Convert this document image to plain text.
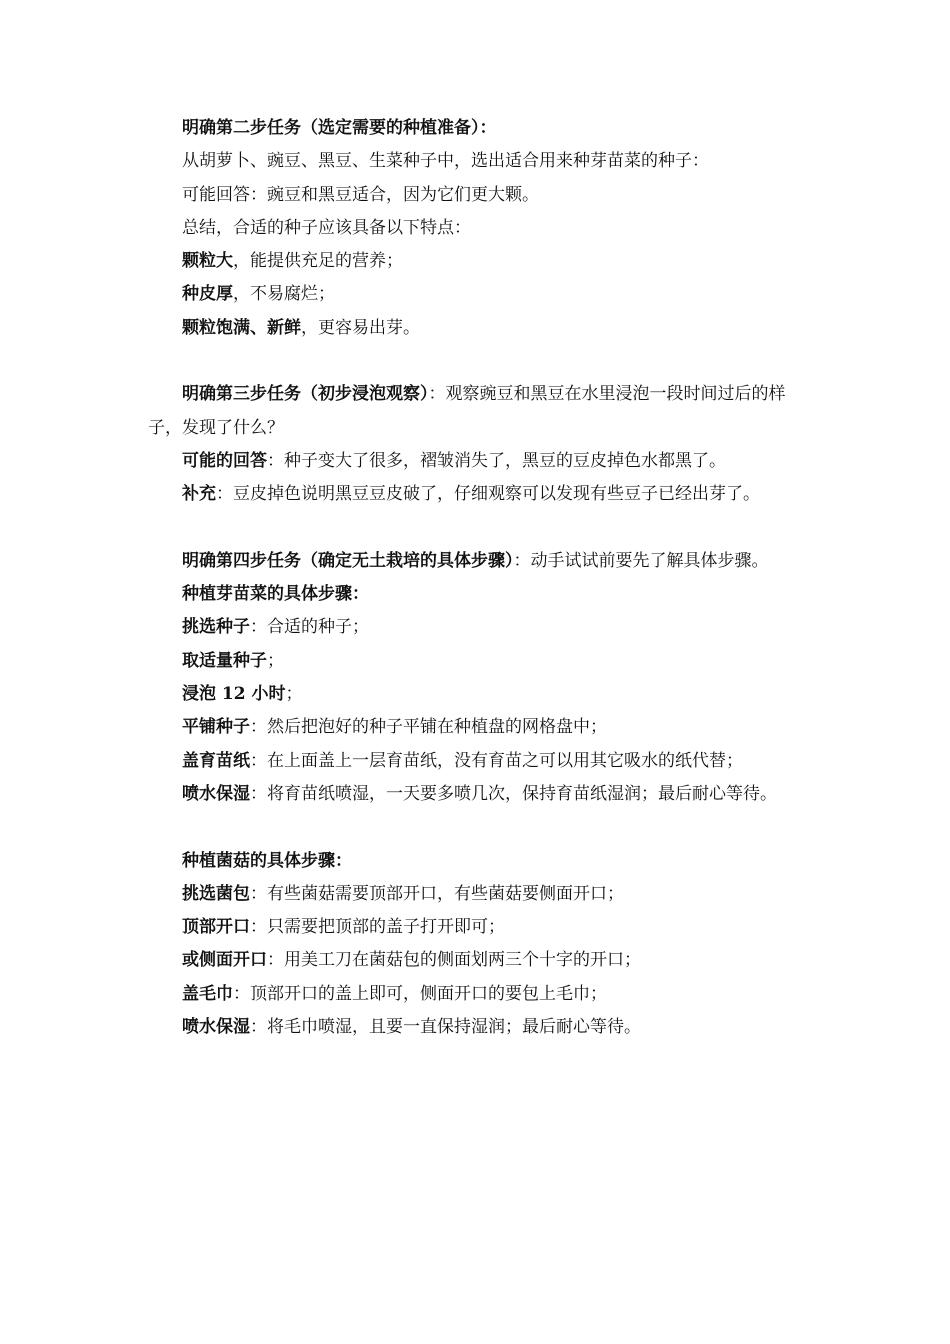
明确第二步任务（选定需要的种植准备）：

从胡萝卜、豌豆、黑豆、生菜种子中，选出适合用来种芽苗菜的种子：

可能回答：豌豆和黑豆适合，因为它们更大颗。

总结，合适的种子应该具备以下特点：

颗粒大，能提供充足的营养；

种皮厚，不易腐烂；

颗粒饱满、新鲜，更容易出芽。

明确第三步任务（初步浸泡观察）：观察豌豆和黑豆在水里浸泡一段时间过后的样子，发现了什么？

可能的回答：种子变大了很多，褶皱消失了，黑豆的豆皮掉色水都黑了。

补充：豆皮掉色说明黑豆豆皮破了，仔细观察可以发现有些豆子已经出芽了。

明确第四步任务（确定无土栽培的具体步骤）：动手试试前要先了解具体步骤。

种植芽苗菜的具体步骤：

挑选种子：合适的种子；

取适量种子；

浸泡 12 小时；

平铺种子：然后把泡好的种子平铺在种植盘的网格盘中；

盖育苗纸：在上面盖上一层育苗纸，没有育苗之可以用其它吸水的纸代替；

喷水保湿：将育苗纸喷湿，一天要多喷几次，保持育苗纸湿润；最后耐心等待。

种植菌菇的具体步骤：

挑选菌包：有些菌菇需要顶部开口，有些菌菇要侧面开口；

顶部开口：只需要把顶部的盖子打开即可；

或侧面开口：用美工刀在菌菇包的侧面划两三个十字的开口；

盖毛巾：顶部开口的盖上即可，侧面开口的要包上毛巾；

喷水保湿：将毛巾喷湿，且要一直保持湿润；最后耐心等待。
